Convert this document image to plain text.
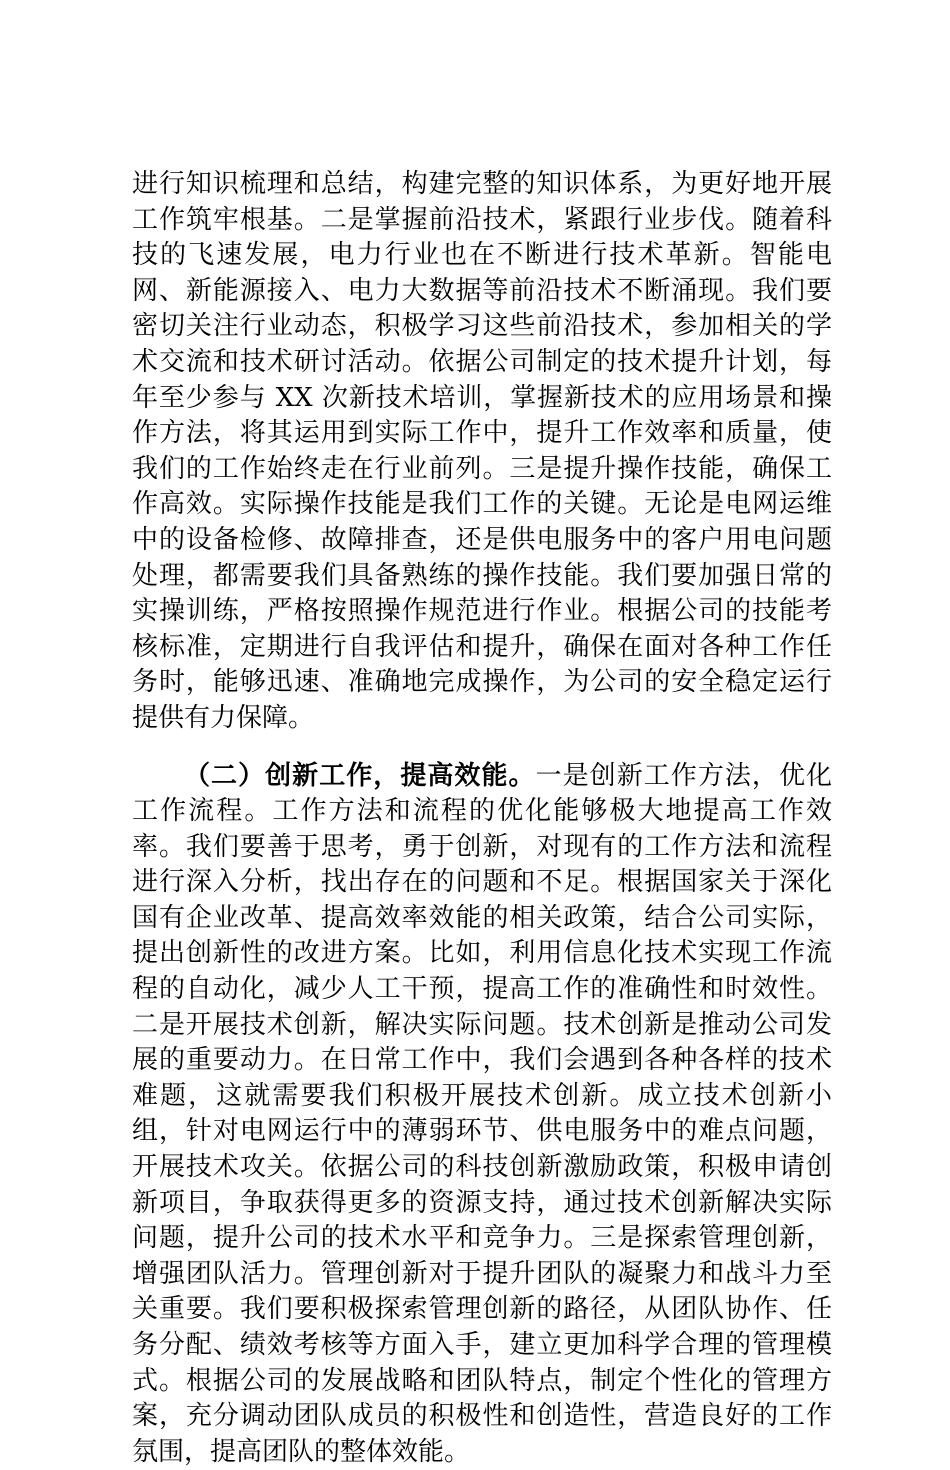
进行知识梳理和总结，构建完整的知识体系，为更好地开展工作筑牢根基。二是掌握前沿技术，紧跟行业步伐。随着科技的飞速发展，电力行业也在不断进行技术革新。智能电网、新能源接入、电力大数据等前沿技术不断涌现。我们要密切关注行业动态，积极学习这些前沿技术，参加相关的学术交流和技术研讨活动。依据公司制定的技术提升计划，每年至少参与 XX 次新技术培训，掌握新技术的应用场景和操作方法，将其运用到实际工作中，提升工作效率和质量，使我们的工作始终走在行业前列。三是提升操作技能，确保工作高效。实际操作技能是我们工作的关键。无论是电网运维中的设备检修、故障排查，还是供电服务中的客户用电问题处理，都需要我们具备熟练的操作技能。我们要加强日常的实操训练，严格按照操作规范进行作业。根据公司的技能考核标准，定期进行自我评估和提升，确保在面对各种工作任务时，能够迅速、准确地完成操作，为公司的安全稳定运行提供有力保障。

（二）创新工作，提高效能。一是创新工作方法，优化工作流程。工作方法和流程的优化能够极大地提高工作效率。我们要善于思考，勇于创新，对现有的工作方法和流程进行深入分析，找出存在的问题和不足。根据国家关于深化国有企业改革、提高效率效能的相关政策，结合公司实际，提出创新性的改进方案。比如，利用信息化技术实现工作流程的自动化，减少人工干预，提高工作的准确性和时效性。二是开展技术创新，解决实际问题。技术创新是推动公司发展的重要动力。在日常工作中，我们会遇到各种各样的技术难题，这就需要我们积极开展技术创新。成立技术创新小组，针对电网运行中的薄弱环节、供电服务中的难点问题，开展技术攻关。依据公司的科技创新激励政策，积极申请创新项目，争取获得更多的资源支持，通过技术创新解决实际问题，提升公司的技术水平和竞争力。三是探索管理创新，增强团队活力。管理创新对于提升团队的凝聚力和战斗力至关重要。我们要积极探索管理创新的路径，从团队协作、任务分配、绩效考核等方面入手，建立更加科学合理的管理模式。根据公司的发展战略和团队特点，制定个性化的管理方案，充分调动团队成员的积极性和创造性，营造良好的工作氛围，提高团队的整体效能。
